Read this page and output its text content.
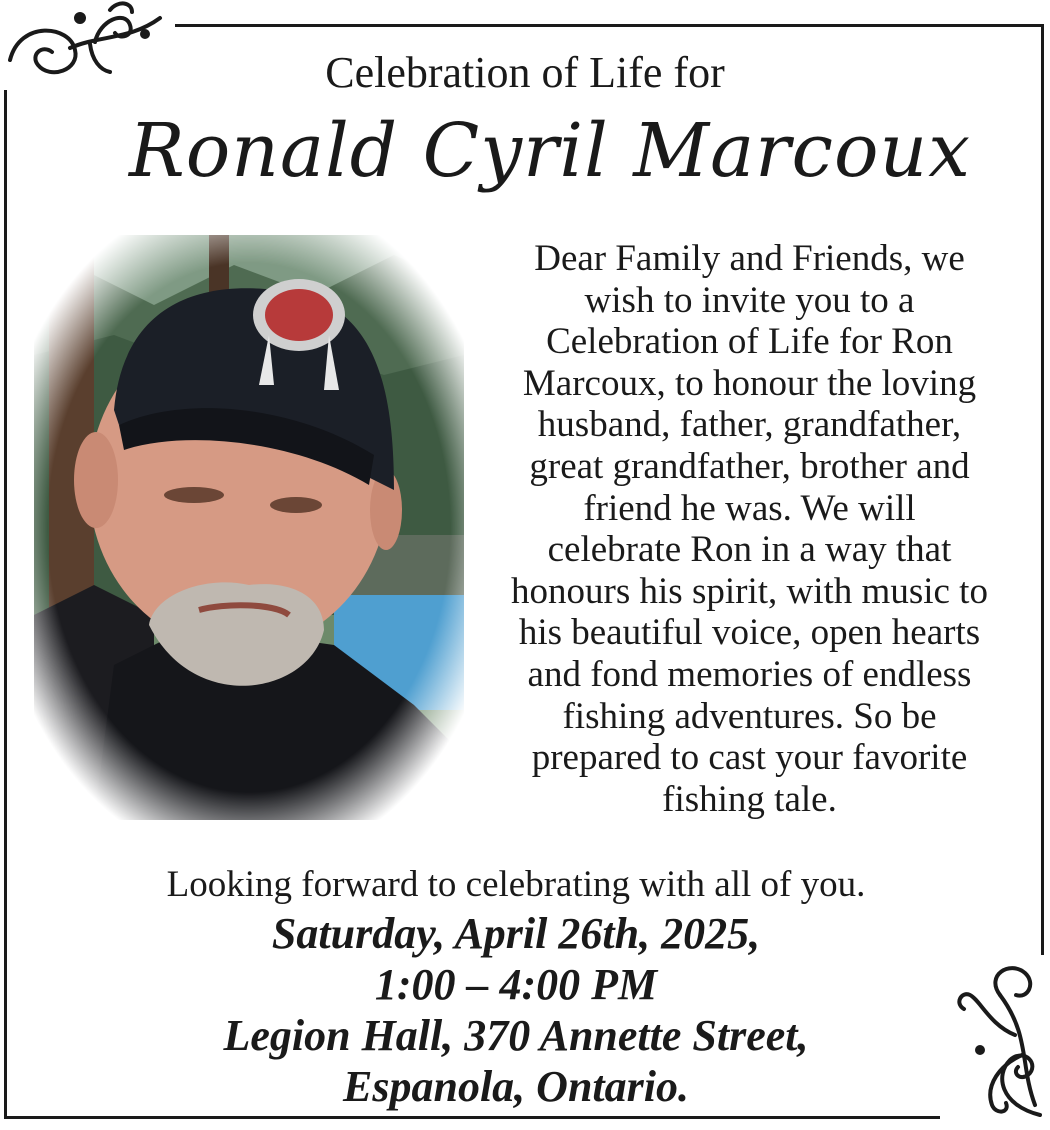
Celebration of Life for
Ronald Cyril Marcoux
Dear Family and Friends, we
wish to invite you to a
Celebration of Life for Ron
Marcoux, to honour the loving
husband, father, grandfather,
great grandfather, brother and
friend he was. We will
celebrate Ron in a way that
honours his spirit, with music to
his beautiful voice, open hearts
and fond memories of endless
fishing adventures. So be
prepared to cast your favorite
fishing tale.
Looking forward to celebrating with all of you.
Saturday, April 26th, 2025,
1:00 – 4:00 PM
Legion Hall, 370 Annette Street,
Espanola, Ontario.
